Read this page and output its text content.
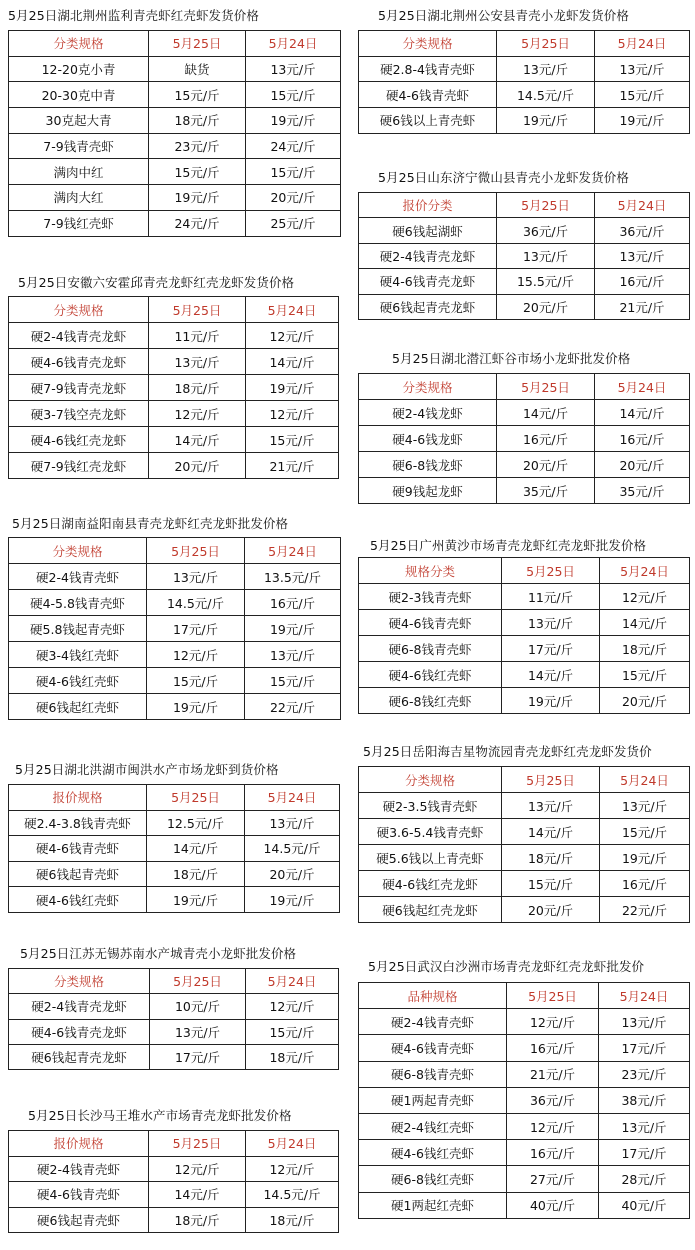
5月25日湖北荆州监利青壳虾红壳虾发货价格
分类规格	5月25日	5月24日
12-20克小青	缺货	13元/斤
20-30克中青	15元/斤	15元/斤
30克起大青	18元/斤	19元/斤
7-9钱青壳虾	23元/斤	24元/斤
满肉中红	15元/斤	15元/斤
满肉大红	19元/斤	20元/斤
7-9钱红壳虾	24元/斤	25元/斤
5月25日安徽六安霍邱青壳龙虾红壳龙虾发货价格
分类规格	5月25日	5月24日
硬2-4钱青壳龙虾	11元/斤	12元/斤
硬4-6钱青壳龙虾	13元/斤	14元/斤
硬7-9钱青壳龙虾	18元/斤	19元/斤
硬3-7钱空壳龙虾	12元/斤	12元/斤
硬4-6钱红壳龙虾	14元/斤	15元/斤
硬7-9钱红壳龙虾	20元/斤	21元/斤
5月25日湖南益阳南县青壳龙虾红壳龙虾批发价格
分类规格	5月25日	5月24日
硬2-4钱青壳虾	13元/斤	13.5元/斤
硬4-5.8钱青壳虾	14.5元/斤	16元/斤
硬5.8钱起青壳虾	17元/斤	19元/斤
硬3-4钱红壳虾	12元/斤	13元/斤
硬4-6钱红壳虾	15元/斤	15元/斤
硬6钱起红壳虾	19元/斤	22元/斤
5月25日湖北洪湖市闽洪水产市场龙虾到货价格
报价规格	5月25日	5月24日
硬2.4-3.8钱青壳虾	12.5元/斤	13元/斤
硬4-6钱青壳虾	14元/斤	14.5元/斤
硬6钱起青壳虾	18元/斤	20元/斤
硬4-6钱红壳虾	19元/斤	19元/斤
5月25日江苏无锡苏南水产城青壳小龙虾批发价格
分类规格	5月25日	5月24日
硬2-4钱青壳龙虾	10元/斤	12元/斤
硬4-6钱青壳龙虾	13元/斤	15元/斤
硬6钱起青壳龙虾	17元/斤	18元/斤
5月25日长沙马王堆水产市场青壳龙虾批发价格
报价规格	5月25日	5月24日
硬2-4钱青壳虾	12元/斤	12元/斤
硬4-6钱青壳虾	14元/斤	14.5元/斤
硬6钱起青壳虾	18元/斤	18元/斤
5月25日湖北荆州公安县青壳小龙虾发货价格
分类规格	5月25日	5月24日
硬2.8-4钱青壳虾	13元/斤	13元/斤
硬4-6钱青壳虾	14.5元/斤	15元/斤
硬6钱以上青壳虾	19元/斤	19元/斤
5月25日山东济宁微山县青壳小龙虾发货价格
报价分类	5月25日	5月24日
硬6钱起湖虾	36元/斤	36元/斤
硬2-4钱青壳龙虾	13元/斤	13元/斤
硬4-6钱青壳龙虾	15.5元/斤	16元/斤
硬6钱起青壳龙虾	20元/斤	21元/斤
5月25日湖北潜江虾谷市场小龙虾批发价格
分类规格	5月25日	5月24日
硬2-4钱龙虾	14元/斤	14元/斤
硬4-6钱龙虾	16元/斤	16元/斤
硬6-8钱龙虾	20元/斤	20元/斤
硬9钱起龙虾	35元/斤	35元/斤
5月25日广州黄沙市场青壳龙虾红壳龙虾批发价格
规格分类	5月25日	5月24日
硬2-3钱青壳虾	11元/斤	12元/斤
硬4-6钱青壳虾	13元/斤	14元/斤
硬6-8钱青壳虾	17元/斤	18元/斤
硬4-6钱红壳虾	14元/斤	15元/斤
硬6-8钱红壳虾	19元/斤	20元/斤
5月25日岳阳海吉星物流园青壳龙虾红壳龙虾发货价
分类规格	5月25日	5月24日
硬2-3.5钱青壳虾	13元/斤	13元/斤
硬3.6-5.4钱青壳虾	14元/斤	15元/斤
硬5.6钱以上青壳虾	18元/斤	19元/斤
硬4-6钱红壳龙虾	15元/斤	16元/斤
硬6钱起红壳龙虾	20元/斤	22元/斤
5月25日武汉白沙洲市场青壳龙虾红壳龙虾批发价
品种规格	5月25日	5月24日
硬2-4钱青壳虾	12元/斤	13元/斤
硬4-6钱青壳虾	16元/斤	17元/斤
硬6-8钱青壳虾	21元/斤	23元/斤
硬1两起青壳虾	36元/斤	38元/斤
硬2-4钱红壳虾	12元/斤	13元/斤
硬4-6钱红壳虾	16元/斤	17元/斤
硬6-8钱红壳虾	27元/斤	28元/斤
硬1两起红壳虾	40元/斤	40元/斤
